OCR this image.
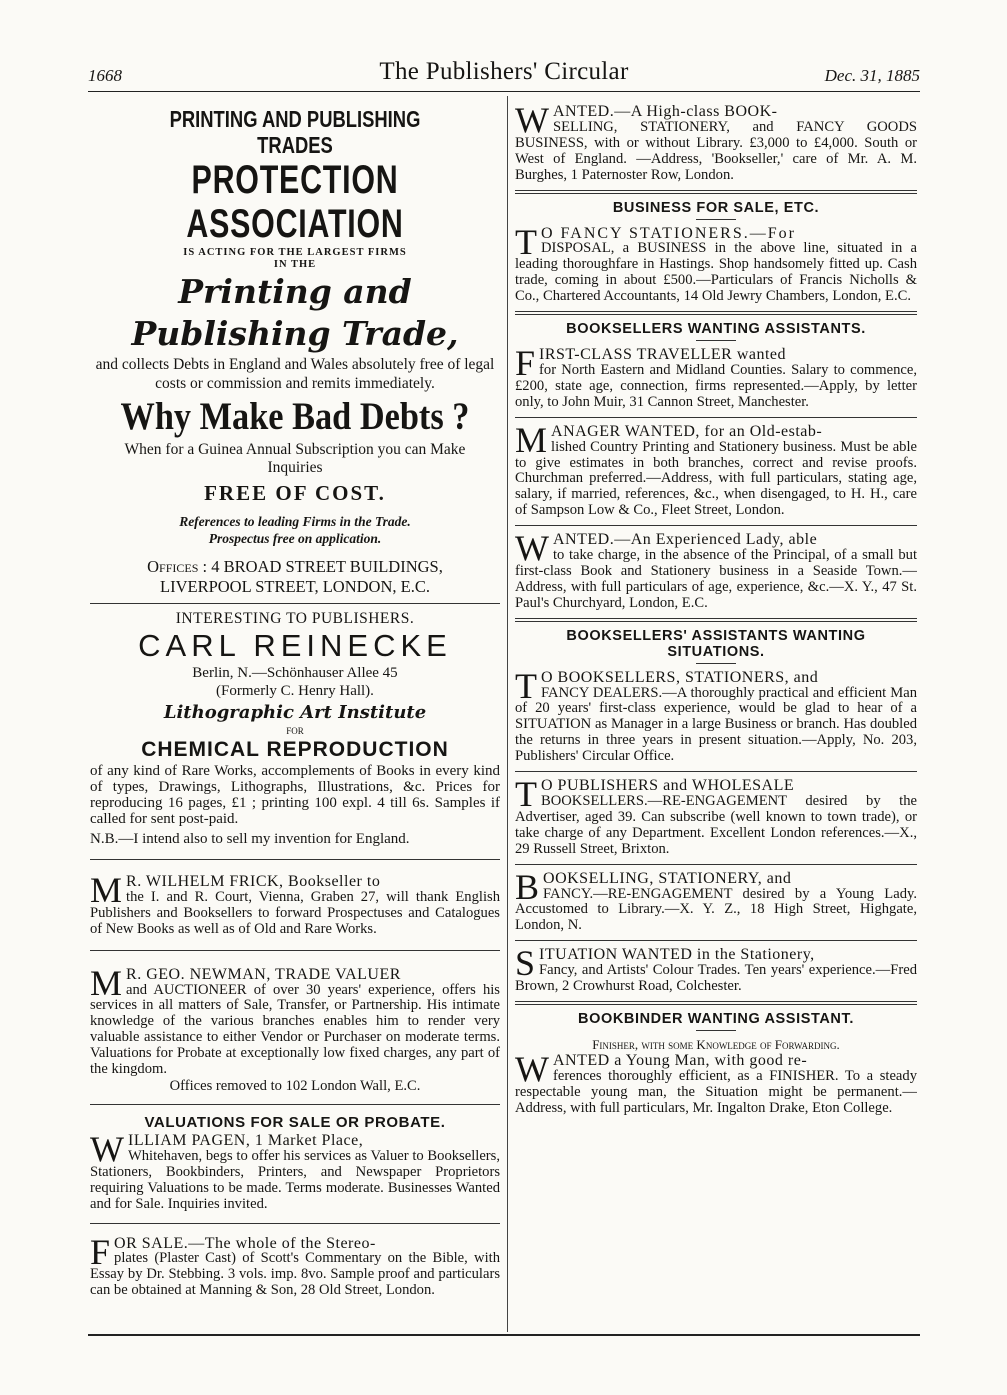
1668	The Publishers' Circular	Dec. 31, 1885

PRINTING AND PUBLISHING TRADES

PROTECTION ASSOCIATION

IS ACTING FOR THE LARGEST FIRMS

IN THE

Printing and Publishing Trade,

and collects Debts in England and Wales absolutely free of legal costs or commission and remits immediately.

Why Make Bad Debts ?

When for a Guinea Annual Subscription you can Make Inquiries

FREE OF COST.

References to leading Firms in the Trade.

Prospectus free on application.

Offices : 4 BROAD STREET BUILDINGS,

LIVERPOOL STREET, LONDON, E.C.

INTERESTING TO PUBLISHERS.

CARL REINECKE

Berlin, N.—Schönhauser Allee 45

(Formerly C. Henry Hall).

Lithographic Art Institute

FOR

CHEMICAL REPRODUCTION

of any kind of Rare Works, accomplements of Books in every kind of types, Drawings, Lithographs, Illustrations, &c. Prices for reproducing 16 pages, £1 ; printing 100 expl. 4 till 6s. Samples if called for sent post-paid.

N.B.—I intend also to sell my invention for England.

M R. WILHELM FRICK, Bookseller to

the I. and R. Court, Vienna, Graben 27, will thank English Publishers and Booksellers to forward Prospectuses and Catalogues of New Books as well as of Old and Rare Works.

M R. GEO. NEWMAN, TRADE VALUER

and AUCTIONEER of over 30 years' experience, offers his services in all matters of Sale, Transfer, or Partnership. His intimate knowledge of the various branches enables him to render very valuable assistance to either Vendor or Purchaser on moderate terms. Valuations for Probate at exceptionally low fixed charges, any part of the kingdom.

Offices removed to 102 London Wall, E.C.

VALUATIONS FOR SALE OR PROBATE.

W ILLIAM PAGEN, 1 Market Place,

Whitehaven, begs to offer his services as Valuer to Booksellers, Stationers, Bookbinders, Printers, and Newspaper Proprietors requiring Valuations to be made. Terms moderate. Businesses Wanted and for Sale. Inquiries invited.

F OR SALE.—The whole of the Stereo-

plates (Plaster Cast) of Scott's Commentary on the Bible, with Essay by Dr. Stebbing. 3 vols. imp. 8vo. Sample proof and particulars can be obtained at Manning & Son, 28 Old Street, London.

W ANTED.—A High-class BOOK-

SELLING, STATIONERY, and FANCY GOODS BUSINESS, with or without Library. £3,000 to £4,000. South or West of England. —Address, 'Bookseller,' care of Mr. A. M. Burghes, 1 Paternoster Row, London.

BUSINESS FOR SALE, ETC.

T O FANCY STATIONERS.—For

DISPOSAL, a BUSINESS in the above line, situated in a leading thoroughfare in Hastings. Shop handsomely fitted up. Cash trade, coming in about £500.—Particulars of Francis Nicholls & Co., Chartered Accountants, 14 Old Jewry Chambers, London, E.C.

BOOKSELLERS WANTING ASSISTANTS.

F IRST-CLASS TRAVELLER wanted

for North Eastern and Midland Counties. Salary to commence, £200, state age, connection, firms represented.—Apply, by letter only, to John Muir, 31 Cannon Street, Manchester.

M ANAGER WANTED, for an Old-estab-

lished Country Printing and Stationery business. Must be able to give estimates in both branches, correct and revise proofs. Churchman preferred.—Address, with full particulars, stating age, salary, if married, references, &c., when disengaged, to H. H., care of Sampson Low & Co., Fleet Street, London.

W ANTED.—An Experienced Lady, able

to take charge, in the absence of the Principal, of a small but first-class Book and Stationery business in a Seaside Town.—Address, with full particulars of age, experience, &c.—X. Y., 47 St. Paul's Churchyard, London, E.C.

BOOKSELLERS' ASSISTANTS WANTING

SITUATIONS.

T O BOOKSELLERS, STATIONERS, and

FANCY DEALERS.—A thoroughly practical and efficient Man of 20 years' first-class experience, would be glad to hear of a SITUATION as Manager in a large Business or branch. Has doubled the returns in three years in present situation.—Apply, No. 203, Publishers' Circular Office.

T O PUBLISHERS and WHOLESALE

BOOKSELLERS.—RE-ENGAGEMENT desired by the Advertiser, aged 39. Can subscribe (well known to town trade), or take charge of any Department. Excellent London references.—X., 29 Russell Street, Brixton.

B OOKSELLING, STATIONERY, and

FANCY.—RE-ENGAGEMENT desired by a Young Lady. Accustomed to Library.—X. Y. Z., 18 High Street, Highgate, London, N.

S ITUATION WANTED in the Stationery,

Fancy, and Artists' Colour Trades. Ten years' experience.—Fred Brown, 2 Crowhurst Road, Colchester.

BOOKBINDER WANTING ASSISTANT.

Finisher, with some Knowledge of Forwarding.

W ANTED a Young Man, with good re-

ferences thoroughly efficient, as a FINISHER. To a steady respectable young man, the Situation might be permanent.—Address, with full particulars, Mr. Ingalton Drake, Eton College.
